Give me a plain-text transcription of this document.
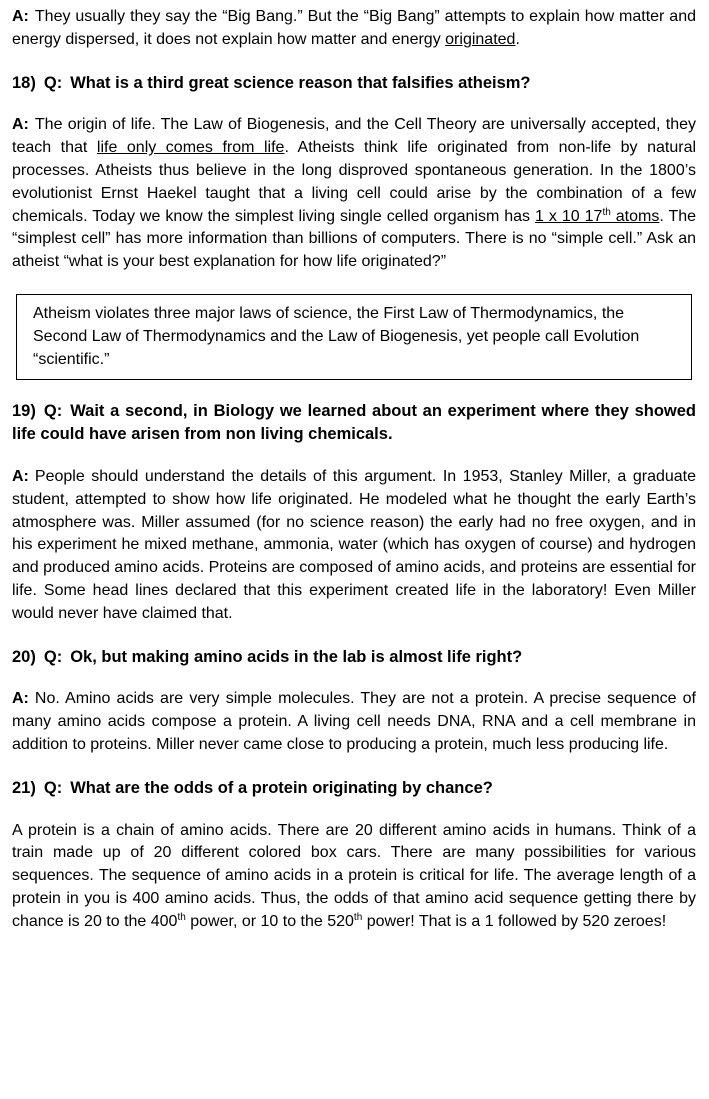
A: They usually they say the “Big Bang.” But the “Big Bang” attempts to explain how matter and energy dispersed, it does not explain how matter and energy originated.

18) Q: What is a third great science reason that falsifies atheism?

A: The origin of life. The Law of Biogenesis, and the Cell Theory are universally accepted, they teach that life only comes from life. Atheists think life originated from non-life by natural processes. Atheists thus believe in the long disproved spontaneous generation. In the 1800’s evolutionist Ernst Haekel taught that a living cell could arise by the combination of a few chemicals. Today we know the simplest living single celled organism has 1 x 10 17th atoms. The “simplest cell” has more information than billions of computers. There is no “simple cell.” Ask an atheist “what is your best explanation for how life originated?”

Atheism violates three major laws of science, the First Law of Thermodynamics, the Second Law of Thermodynamics and the Law of Biogenesis, yet people call Evolution “scientific.”

19) Q: Wait a second, in Biology we learned about an experiment where they showed life could have arisen from non living chemicals.

A: People should understand the details of this argument. In 1953, Stanley Miller, a graduate student, attempted to show how life originated. He modeled what he thought the early Earth’s atmosphere was. Miller assumed (for no science reason) the early had no free oxygen, and in his experiment he mixed methane, ammonia, water (which has oxygen of course) and hydrogen and produced amino acids. Proteins are composed of amino acids, and proteins are essential for life. Some head lines declared that this experiment created life in the laboratory! Even Miller would never have claimed that.

20) Q: Ok, but making amino acids in the lab is almost life right?

A: No. Amino acids are very simple molecules. They are not a protein. A precise sequence of many amino acids compose a protein. A living cell needs DNA, RNA and a cell membrane in addition to proteins. Miller never came close to producing a protein, much less producing life.

21) Q: What are the odds of a protein originating by chance?

A protein is a chain of amino acids. There are 20 different amino acids in humans. Think of a train made up of 20 different colored box cars. There are many possibilities for various sequences. The sequence of amino acids in a protein is critical for life. The average length of a protein in you is 400 amino acids. Thus, the odds of that amino acid sequence getting there by chance is 20 to the 400th power, or 10 to the 520th power! That is a 1 followed by 520 zeroes!
